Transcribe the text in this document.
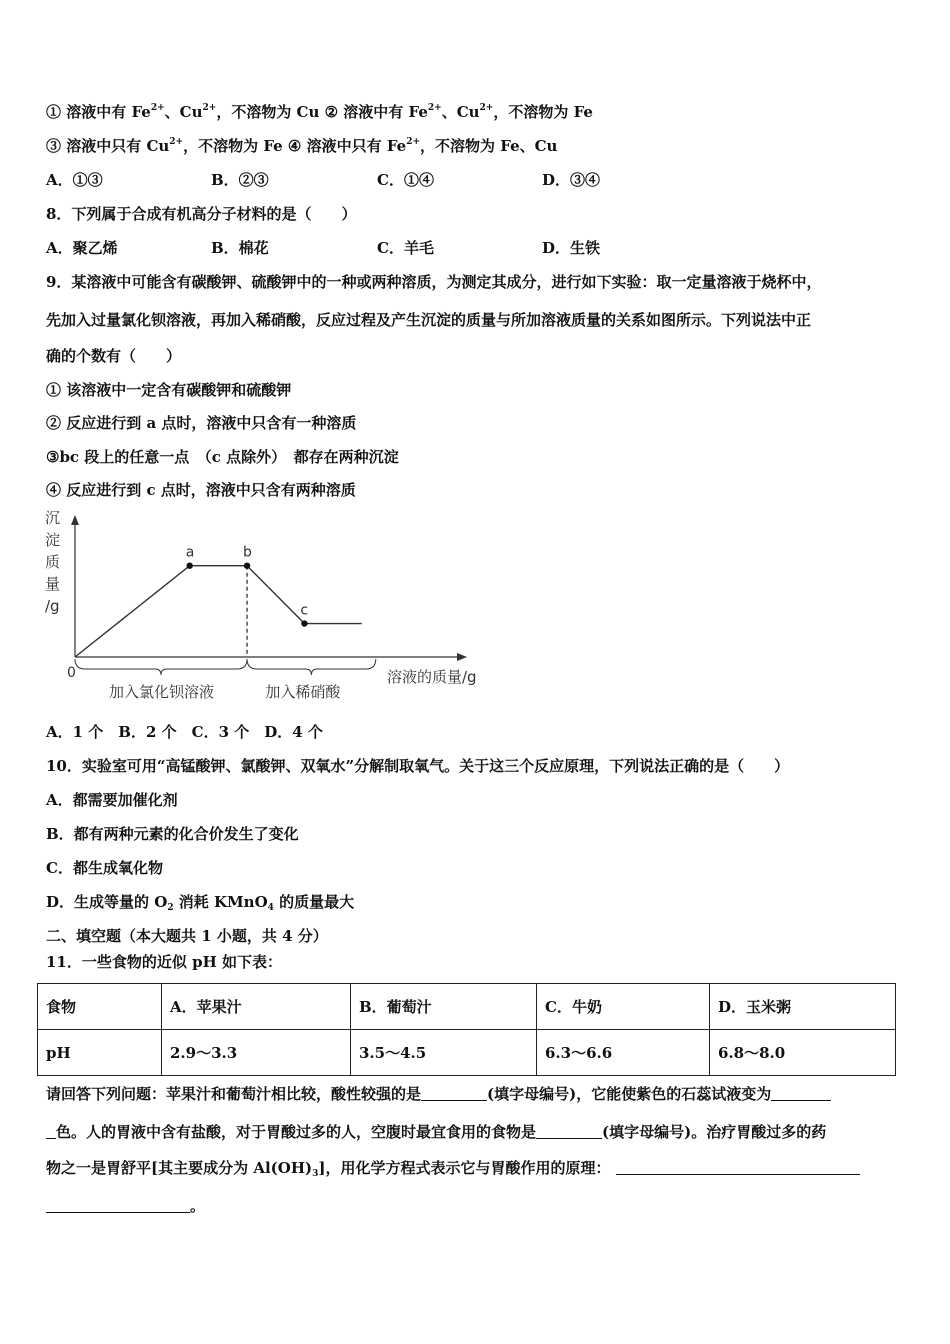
① 溶液中有 $Fe^{2+}$、$Cu^{2+}$，不溶物为 Cu ② 溶液中有 $Fe^{2+}$、$Cu^{2+}$，不溶物为 Fe
③ 溶液中只有 $Cu^{2+}$，不溶物为 Fe ④ 溶液中只有 $Fe^{2+}$，不溶物为 Fe、Cu
A．①③	B．②③	C．①④	D．③④
8．下列属于合成有机高分子材料的是（　　）
A．聚乙烯	B．棉花	C．羊毛	D．生铁
9．某溶液中可能含有碳酸钾、硫酸钾中的一种或两种溶质，为测定其成分，进行如下实验：取一定量溶液于烧杯中，
先加入过量氯化钡溶液，再加入稀硝酸，反应过程及产生沉淀的质量与所加溶液质量的关系如图所示。下列说法中正
确的个数有（　　）
① 该溶液中一定含有碳酸钾和硫酸钾
② 反应进行到 a 点时，溶液中只含有一种溶质
③bc 段上的任意一点　（c 点除外）　都存在两种沉淀
④ 反应进行到 c 点时，溶液中只含有两种溶质
沉
淀
质
量
/g
0	溶液的质量/g
a	b
c
加入氯化钡溶液	加入稀硝酸
A．1 个　B．2 个　C．3 个　D．4 个
10．实验室可用“高锰酸钾、氯酸钾、双氧水”分解制取氧气。关于这三个反应原理，下列说法正确的是（　　）
A．都需要加催化剂
B．都有两种元素的化合价发生了变化
C．都生成氧化物
D．生成等量的 $O_2$ 消耗 KMnO$_4$ 的质量最大
二、填空题（本大题共 1 小题，共 4 分）
11．一些食物的近似 pH 如下表：
食物	A．苹果汁	B．葡萄汁	C．牛奶	D．玉米粥
pH	2.9～3.3	3.5～4.5	6.3～6.6	6.8～8.0
请回答下列问题：苹果汁和葡萄汁相比较，酸性较强的是	(填字母编号)，它能使紫色的石蕊试液变为
色。人的胃液中含有盐酸，对于胃酸过多的人，空腹时最宜食用的食物是	(填字母编号)。治疗胃酸过多的药
物之一是胃舒平[其主要成分为 $Al(OH)_3$]，用化学方程式表示它与胃酸作用的原理：
。
